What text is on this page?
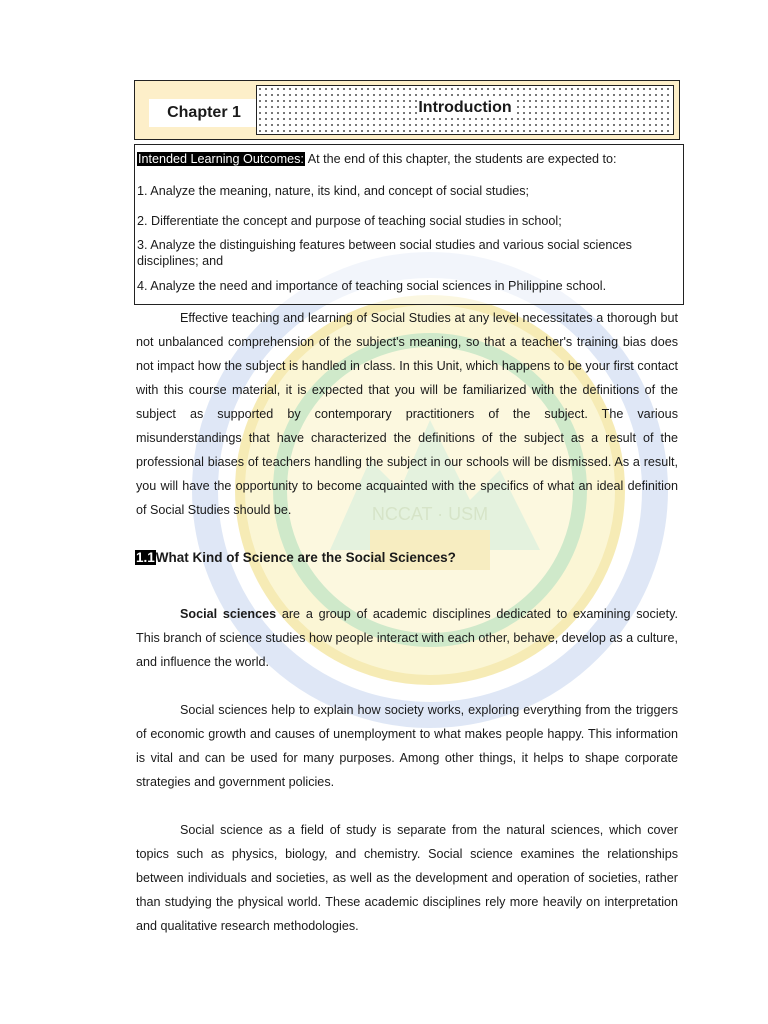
NCCAT · USM
Chapter 1	Introduction
Intended Learning Outcomes: At the end of this chapter, the students are expected to:
1. Analyze the meaning, nature, its kind, and concept of social studies;
2. Differentiate the concept and purpose of teaching social studies in school;
3. Analyze the distinguishing features between social studies and various social sciences disciplines; and
4. Analyze the need and importance of teaching social sciences in Philippine school.

Effective teaching and learning of Social Studies at any level necessitates a thorough but not unbalanced comprehension of the subject's meaning, so that a teacher's training bias does not impact how the subject is handled in class. In this Unit, which happens to be your first contact with this course material, it is expected that you will be familiarized with the definitions of the subject as supported by contemporary practitioners of the subject. The various misunderstandings that have characterized the definitions of the subject as a result of the professional biases of teachers handling the subject in our schools will be dismissed. As a result, you will have the opportunity to become acquainted with the specifics of what an ideal definition of Social Studies should be.

1.1What Kind of Science are the Social Sciences?

Social sciences are a group of academic disciplines dedicated to examining society. This branch of science studies how people interact with each other, behave, develop as a culture, and influence the world.

Social sciences help to explain how society works, exploring everything from the triggers of economic growth and causes of unemployment to what makes people happy. This information is vital and can be used for many purposes. Among other things, it helps to shape corporate strategies and government policies.

Social science as a field of study is separate from the natural sciences, which cover topics such as physics, biology, and chemistry. Social science examines the relationships between individuals and societies, as well as the development and operation of societies, rather than studying the physical world. These academic disciplines rely more heavily on interpretation and qualitative research methodologies.
